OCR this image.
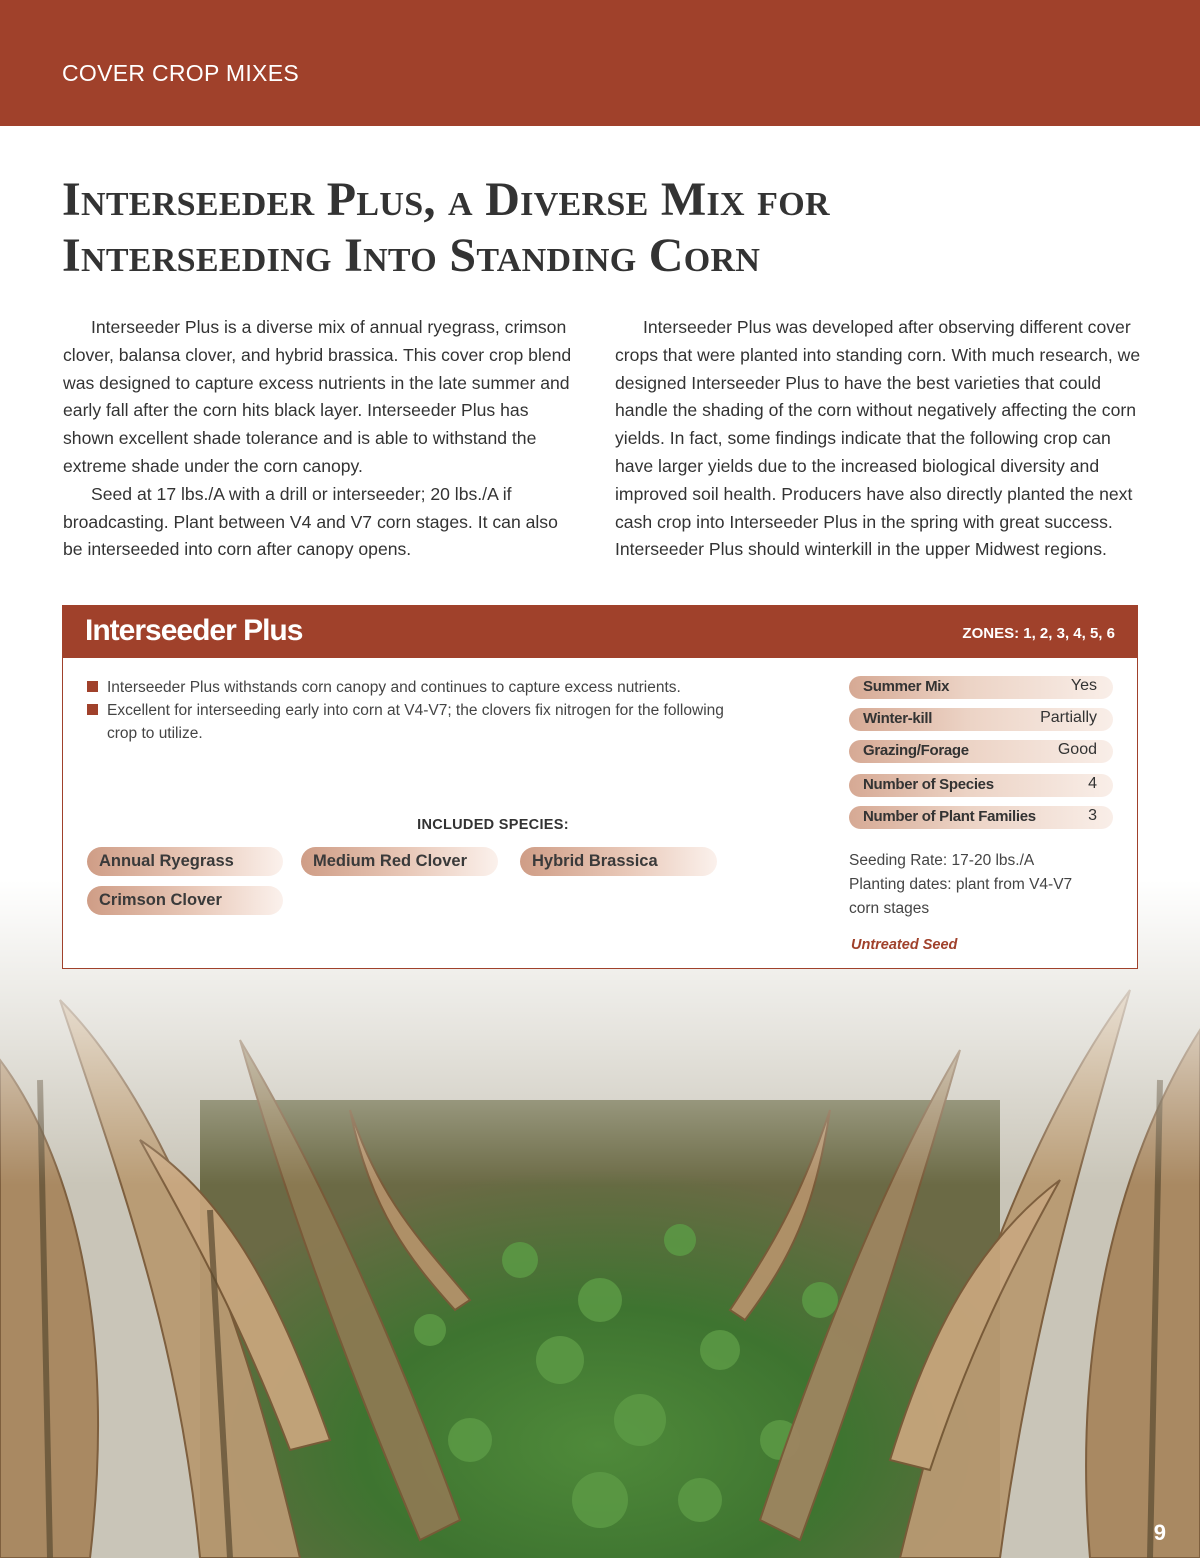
COVER CROP MIXES
Interseeder Plus, a Diverse Mix for
Interseeding Into Standing Corn

Interseeder Plus is a diverse mix of annual ryegrass, crimson clover, balansa clover, and hybrid brassica. This cover crop blend was designed to capture excess nutrients in the late summer and early fall after the corn hits black layer. Interseeder Plus has shown excellent shade tolerance and is able to withstand the extreme shade under the corn canopy.

Seed at 17 lbs./A with a drill or interseeder; 20 lbs./A if broadcasting. Plant between V4 and V7 corn stages. It can also be interseeded into corn after canopy opens.

Interseeder Plus was developed after observing different cover crops that were planted into standing corn. With much research, we designed Interseeder Plus to have the best varieties that could handle the shading of the corn without negatively affecting the corn yields. In fact, some findings indicate that the following crop can have larger yields due to the increased biological diversity and improved soil health. Producers have also directly planted the next cash crop into Interseeder Plus in the spring with great success. Interseeder Plus should winterkill in the upper Midwest regions.

Interseeder Plus	ZONES: 1, 2, 3, 4, 5, 6
Interseeder Plus withstands corn canopy and continues to capture excess nutrients.
Excellent for interseeding early into corn at V4-V7; the clovers fix nitrogen for the following crop to utilize.
INCLUDED SPECIES:
Annual Ryegrass	Medium Red Clover	Hybrid Brassica
Crimson Clover
Summer Mix	Yes
Winter-kill	Partially
Grazing/Forage	Good
Number of Species	4
Number of Plant Families	3
Seeding Rate: 17-20 lbs./A
Planting dates: plant from V4-V7
corn stages
Untreated Seed
9
